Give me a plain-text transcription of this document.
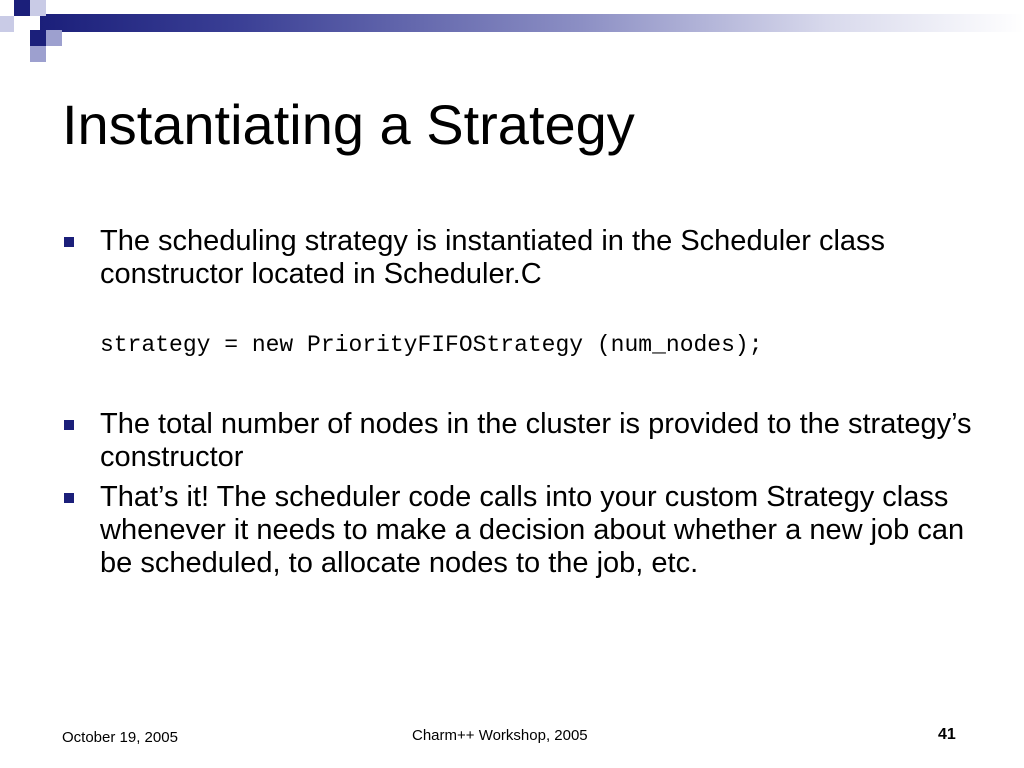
Instantiating a Strategy

The scheduling strategy is instantiated in the Scheduler class constructor located in Scheduler.C

strategy = new PriorityFIFOStrategy (num_nodes);

The total number of nodes in the cluster is provided to the strategy’s constructor

That’s it! The scheduler code calls into your custom Strategy class whenever it needs to make a decision about whether a new job can be scheduled, to allocate nodes to the job, etc.

October 19, 2005	Charm++ Workshop, 2005	41
